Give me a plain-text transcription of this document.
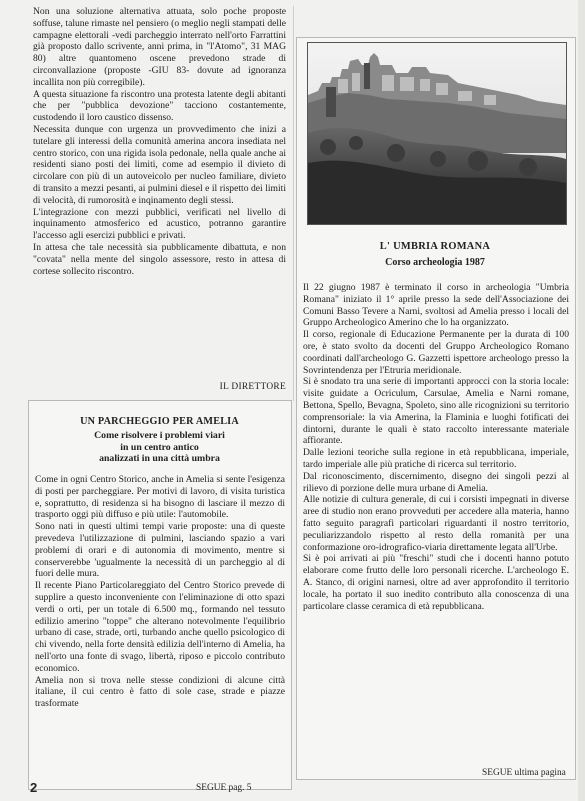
Non una soluzione alternativa attuata, solo poche proposte soffuse, talune rimaste nel pensiero (o meglio negli stampati delle campagne elettorali -vedi parcheggio interrato nell'orto Farrattini già proposto dallo scrivente, anni prima, in "l'Atomo", 31 MAG 80) altre quantomeno oscene prevedono strade di circonvallazione (proposte -GIU 83- dovute ad ignoranza incallita non più corregibile).

A questa situazione fa riscontro una protesta latente degli abitanti che per "pubblica devozione" tacciono costantemente, custodendo il loro caustico dissenso.

Necessita dunque con urgenza un provvedimento che inizi a tutelare gli interessi della comunità amerina ancora insediata nel centro storico, con una rigida isola pedonale, nella quale anche ai residenti siano posti dei limiti, come ad esempio il divieto di circolare con più di un autoveicolo per nucleo familiare, divieto di transito a mezzi pesanti, ai pulmini diesel e il rispetto dei limiti di velocità, di rumorosità e inqinamento degli stessi.

L'integrazione con mezzi pubblici, verificati nel livello di inquinamento atmosferico ed acustico, potranno garantire l'accesso agli esercizi pubblici e privati.

In attesa che tale necessità sia pubblicamente dibattuta, e non "covata" nella mente del singolo assessore, resto in attesa di cortese sollecito riscontro.

IL DIRETTORE
UN PARCHEGGIO PER AMELIA
Come risolvere i problemi viari
in un centro antico
analizzati in una città umbra

Come in ogni Centro Storico, anche in Amelia si sente l'esigenza di posti per parcheggiare. Per motivi di lavoro, di visita turistica e, soprattutto, di residenza si ha bisogno di lasciare il mezzo di trasporto oggi più diffuso e più utile: l'automobile.

Sono nati in questi ultimi tempi varie proposte: una di queste prevedeva l'utilizzazione di pulmini, lasciando spazio a vari problemi di orari e di autonomia di movimento, mentre si conserverebbe 'ugualmente la necessità di un parcheggio al di fuori delle mura.

Il recente Piano Particolareggiato del Centro Storico prevede di supplire a questo inconveniente con l'eliminazione di otto spazi verdi o orti, per un totale di 6.500 mq., formando nel tessuto edilizio amerino "toppe" che alterano notevolmente l'equilibrio urbano di case, strade, orti, turbando anche quello psicologico di chi vivendo, nella forte densità edilizia dell'interno di Amelia, ha nell'orto una fonte di svago, libertà, riposo e piccolo contributo economico.

Amelia non si trova nelle stesse condizioni di alcune città italiane, il cui centro è fatto di sole case, strade e piazze trasformate

L' UMBRIA ROMANA
Corso archeologia 1987

Il 22 giugno 1987 è terminato il corso in archeologia "Umbria Romana" iniziato il 1° aprile presso la sede dell'Associazione dei Comuni Basso Tevere a Narni, svoltosi ad Amelia presso i locali del Gruppo Archeologico Amerino che lo ha organizzato.

Il corso, regionale di Educazione Permanente per la durata di 100 ore, è stato svolto da docenti del Gruppo Archeologico Romano coordinati dall'archeologo G. Gazzetti ispettore archeologo presso la Sovrintendenza per l'Etruria meridionale.

Si è snodato tra una serie di importanti approcci con la storia locale: visite guidate a Ocriculum, Carsulae, Amelia e Narni romane, Bettona, Spello, Bevagna, Spoleto, sino alle ricognizioni su territorio comprensoriale: la via Amerina, la Flaminia e luoghi fotificati dei dintorni, durante le quali è stato raccolto interessante materiale affiorante.

Dalle lezioni teoriche sulla regione in età repubblicana, imperiale, tardo imperiale alle più pratiche di ricerca sul territorio.

Dal riconoscimento, discernimento, disegno dei singoli pezzi al rilievo di porzione delle mura urbane di Amelia.

Alle notizie di cultura generale, di cui i corsisti impegnati in diverse aree di studio non erano provveduti per accedere alla materia, hanno fatto seguito paragrafi particolari riguardanti il nostro territorio, peculiarizzandolo rispetto al resto della romanità per una conformazione oro-idrografico-viaria direttamente legata all'Urbe.

Si è poi arrivati ai più "freschi" studi che i docenti hanno potuto elaborare come frutto delle loro personali ricerche. L'archeologo E. A. Stanco, di origini narnesi, oltre ad aver approfondito il territorio locale, ha portato il suo inedito contributo alla conoscenza di una particolare classe ceramica di età repubblicana.

2	SEGUE pag. 5
SEGUE ultima pagina
